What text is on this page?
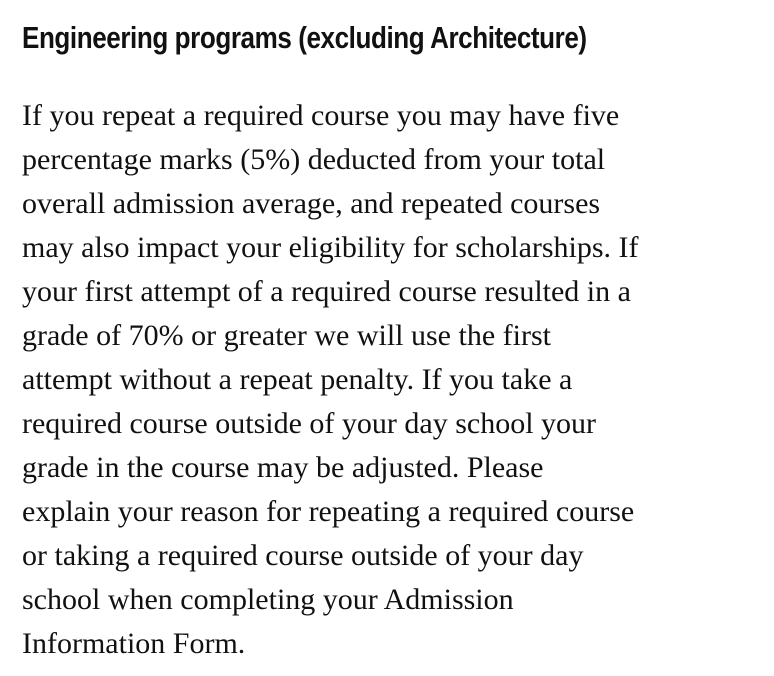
Engineering programs (excluding Architecture)

If you repeat a required course you may have five
percentage marks (5%) deducted from your total
overall admission average, and repeated courses
may also impact your eligibility for scholarships. If
your first attempt of a required course resulted in a
grade of 70% or greater we will use the first
attempt without a repeat penalty. If you take a
required course outside of your day school your
grade in the course may be adjusted. Please
explain your reason for repeating a required course
or taking a required course outside of your day
school when completing your Admission
Information Form.
